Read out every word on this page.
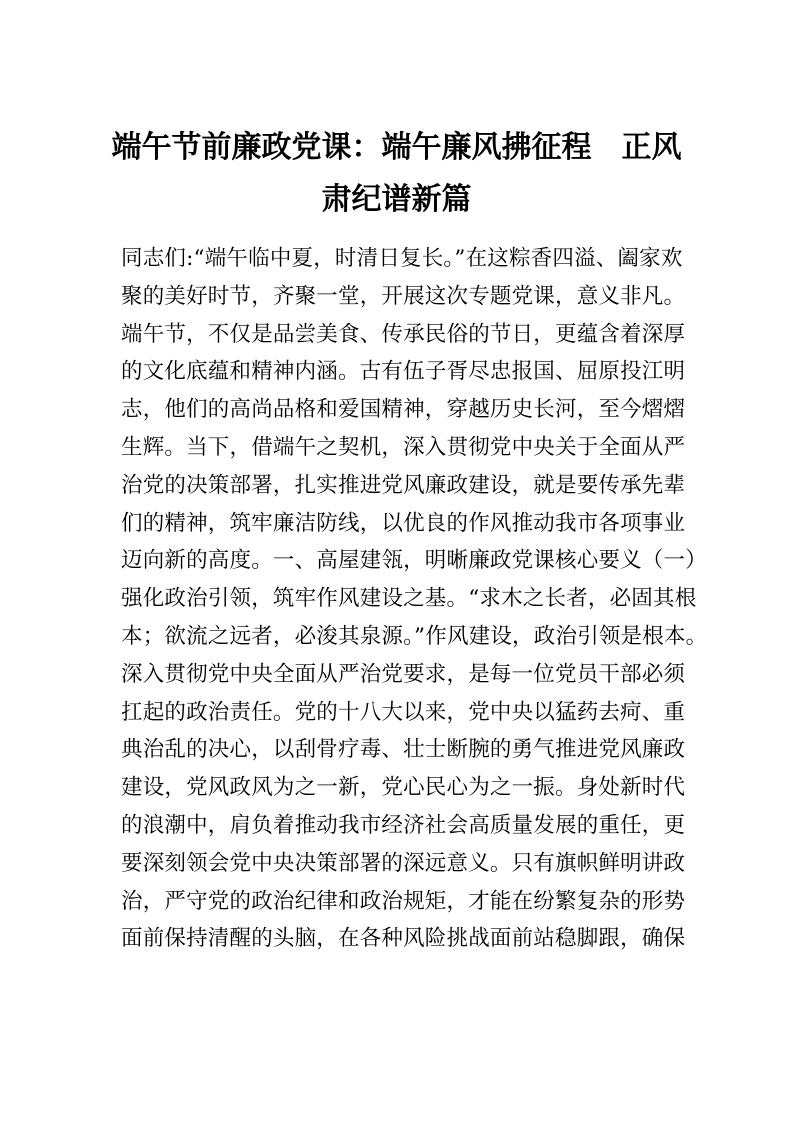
端午节前廉政党课：端午廉风拂征程　正风
肃纪谱新篇
同志们:“端午临中夏，时清日复长。”在这粽香四溢、阖家欢
聚的美好时节，齐聚一堂，开展这次专题党课，意义非凡。
端午节，不仅是品尝美食、传承民俗的节日，更蕴含着深厚
的文化底蕴和精神内涵。古有伍子胥尽忠报国、屈原投江明
志，他们的高尚品格和爱国精神，穿越历史长河，至今熠熠
生辉。当下，借端午之契机，深入贯彻党中央关于全面从严
治党的决策部署，扎实推进党风廉政建设，就是要传承先辈
们的精神，筑牢廉洁防线，以优良的作风推动我市各项事业
迈向新的高度。一、高屋建瓴，明晰廉政党课核心要义（一）
强化政治引领，筑牢作风建设之基。“求木之长者，必固其根
本；欲流之远者，必浚其泉源。”作风建设，政治引领是根本。
深入贯彻党中央全面从严治党要求，是每一位党员干部必须
扛起的政治责任。党的十八大以来，党中央以猛药去疴、重
典治乱的决心，以刮骨疗毒、壮士断腕的勇气推进党风廉政
建设，党风政风为之一新，党心民心为之一振。身处新时代
的浪潮中，肩负着推动我市经济社会高质量发展的重任，更
要深刻领会党中央决策部署的深远意义。只有旗帜鲜明讲政
治，严守党的政治纪律和政治规矩，才能在纷繁复杂的形势
面前保持清醒的头脑，在各种风险挑战面前站稳脚跟，确保
